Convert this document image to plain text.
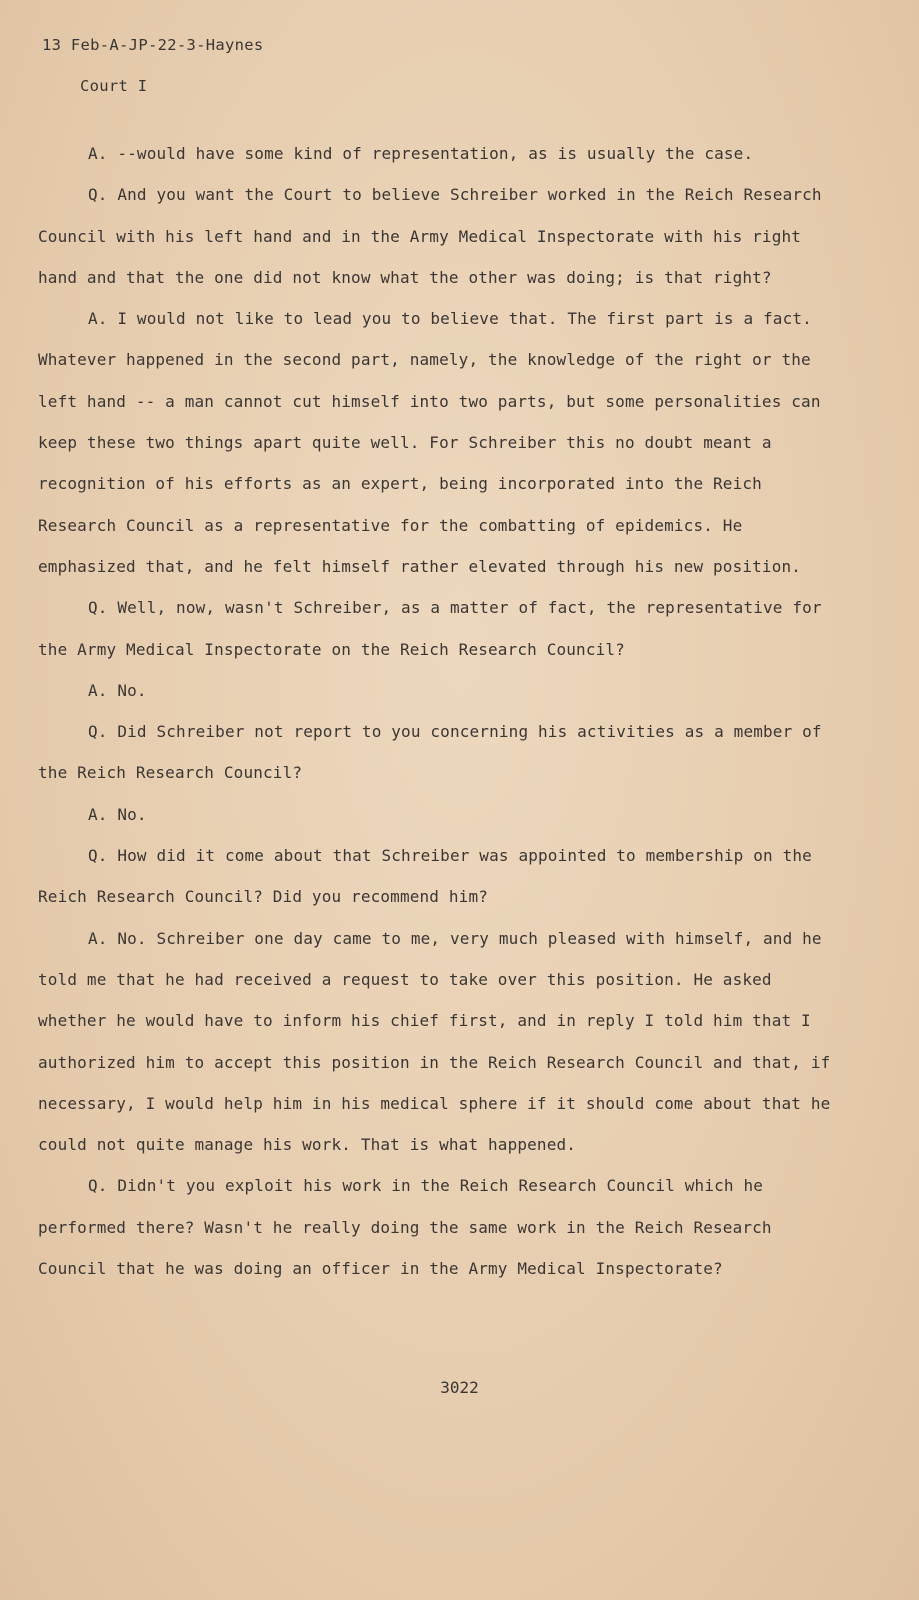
13 Feb-A-JP-22-3-Haynes
Court I

A. --would have some kind of representation, as is usually the case.

Q. And you want the Court to believe Schreiber worked in the Reich Research Council with his left hand and in the Army Medical Inspectorate with his right hand and that the one did not know what the other was doing; is that right?

A. I would not like to lead you to believe that. The first part is a fact. Whatever happened in the second part, namely, the knowledge of the right or the left hand -- a man cannot cut himself into two parts, but some personalities can keep these two things apart quite well. For Schreiber this no doubt meant a recognition of his efforts as an expert, being incorporated into the Reich Research Council as a representative for the combatting of epidemics. He emphasized that, and he felt himself rather elevated through his new position.

Q. Well, now, wasn't Schreiber, as a matter of fact, the representative for the Army Medical Inspectorate on the Reich Research Council?

A. No.

Q. Did Schreiber not report to you concerning his activities as a member of the Reich Research Council?

A. No.

Q. How did it come about that Schreiber was appointed to membership on the Reich Research Council? Did you recommend him?

A. No. Schreiber one day came to me, very much pleased with himself, and he told me that he had received a request to take over this position. He asked whether he would have to inform his chief first, and in reply I told him that I authorized him to accept this position in the Reich Research Council and that, if necessary, I would help him in his medical sphere if it should come about that he could not quite manage his work. That is what happened.

Q. Didn't you exploit his work in the Reich Research Council which he performed there? Wasn't he really doing the same work in the Reich Research Council that he was doing an officer in the Army Medical Inspectorate?

3022
